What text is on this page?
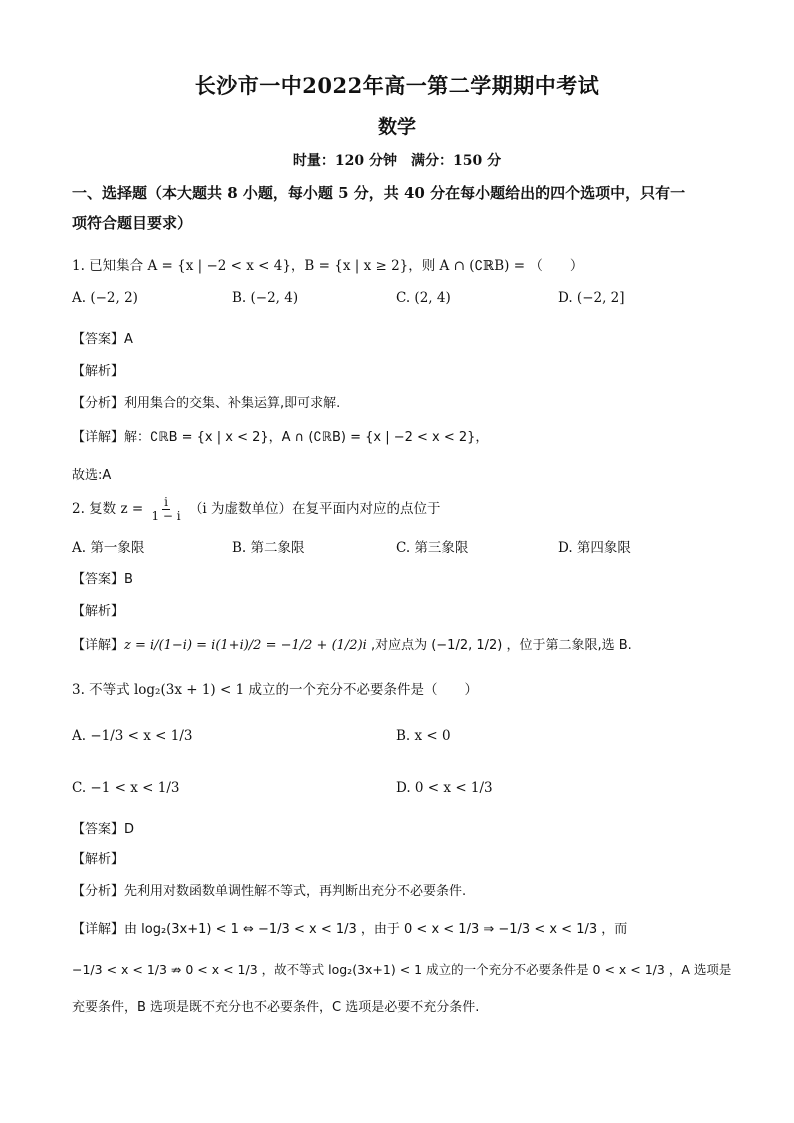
长沙市一中2022年高一第二学期期中考试
数学
时量：120 分钟　满分：150 分
一、选择题（本大题共 8 小题，每小题 5 分，共 40 分在每小题给出的四个选项中，只有一
项符合题目要求）
1. 已知集合 A = {x | −2 < x < 4}，B = {x | x ≥ 2}，则 A ∩ (∁ℝB) = （　　）
A. (−2, 2)	B. (−2, 4)	C. (2, 4)	D. (−2, 2]
【答案】A
【解析】
【分析】利用集合的交集、补集运算,即可求解.
【详解】解：∁ℝB = {x | x < 2}，A ∩ (∁ℝB) = {x | −2 < x < 2}，
故选:A
2. 复数 $z = \frac{i}{1 - i} (i$ 为虚数单位）在复平面内对应的点位于
A. 第一象限	B. 第二象限	C. 第三象限	D. 第四象限
【答案】B
【解析】
【详解】z = i/(1−i) = i(1+i)/2 = −1/2 + (1/2)i ,对应点为 (−1/2, 1/2) ，位于第二象限,选 B.
3. 不等式 log₂(3x + 1) < 1 成立的一个充分不必要条件是（　　）
A. −1/3 < x < 1/3	B. x < 0
C. −1 < x < 1/3	D. 0 < x < 1/3
【答案】D
【解析】
【分析】先利用对数函数单调性解不等式，再判断出充分不必要条件.
【详解】由 log₂(3x+1) < 1 ⇔ −1/3 < x < 1/3 ，由于 0 < x < 1/3 ⇒ −1/3 < x < 1/3 ，而
−1/3 < x < 1/3 ⇏ 0 < x < 1/3 ，故不等式 log₂(3x+1) < 1 成立的一个充分不必要条件是 0 < x < 1/3 ，A 选项是
充要条件，B 选项是既不充分也不必要条件，C 选项是必要不充分条件.
